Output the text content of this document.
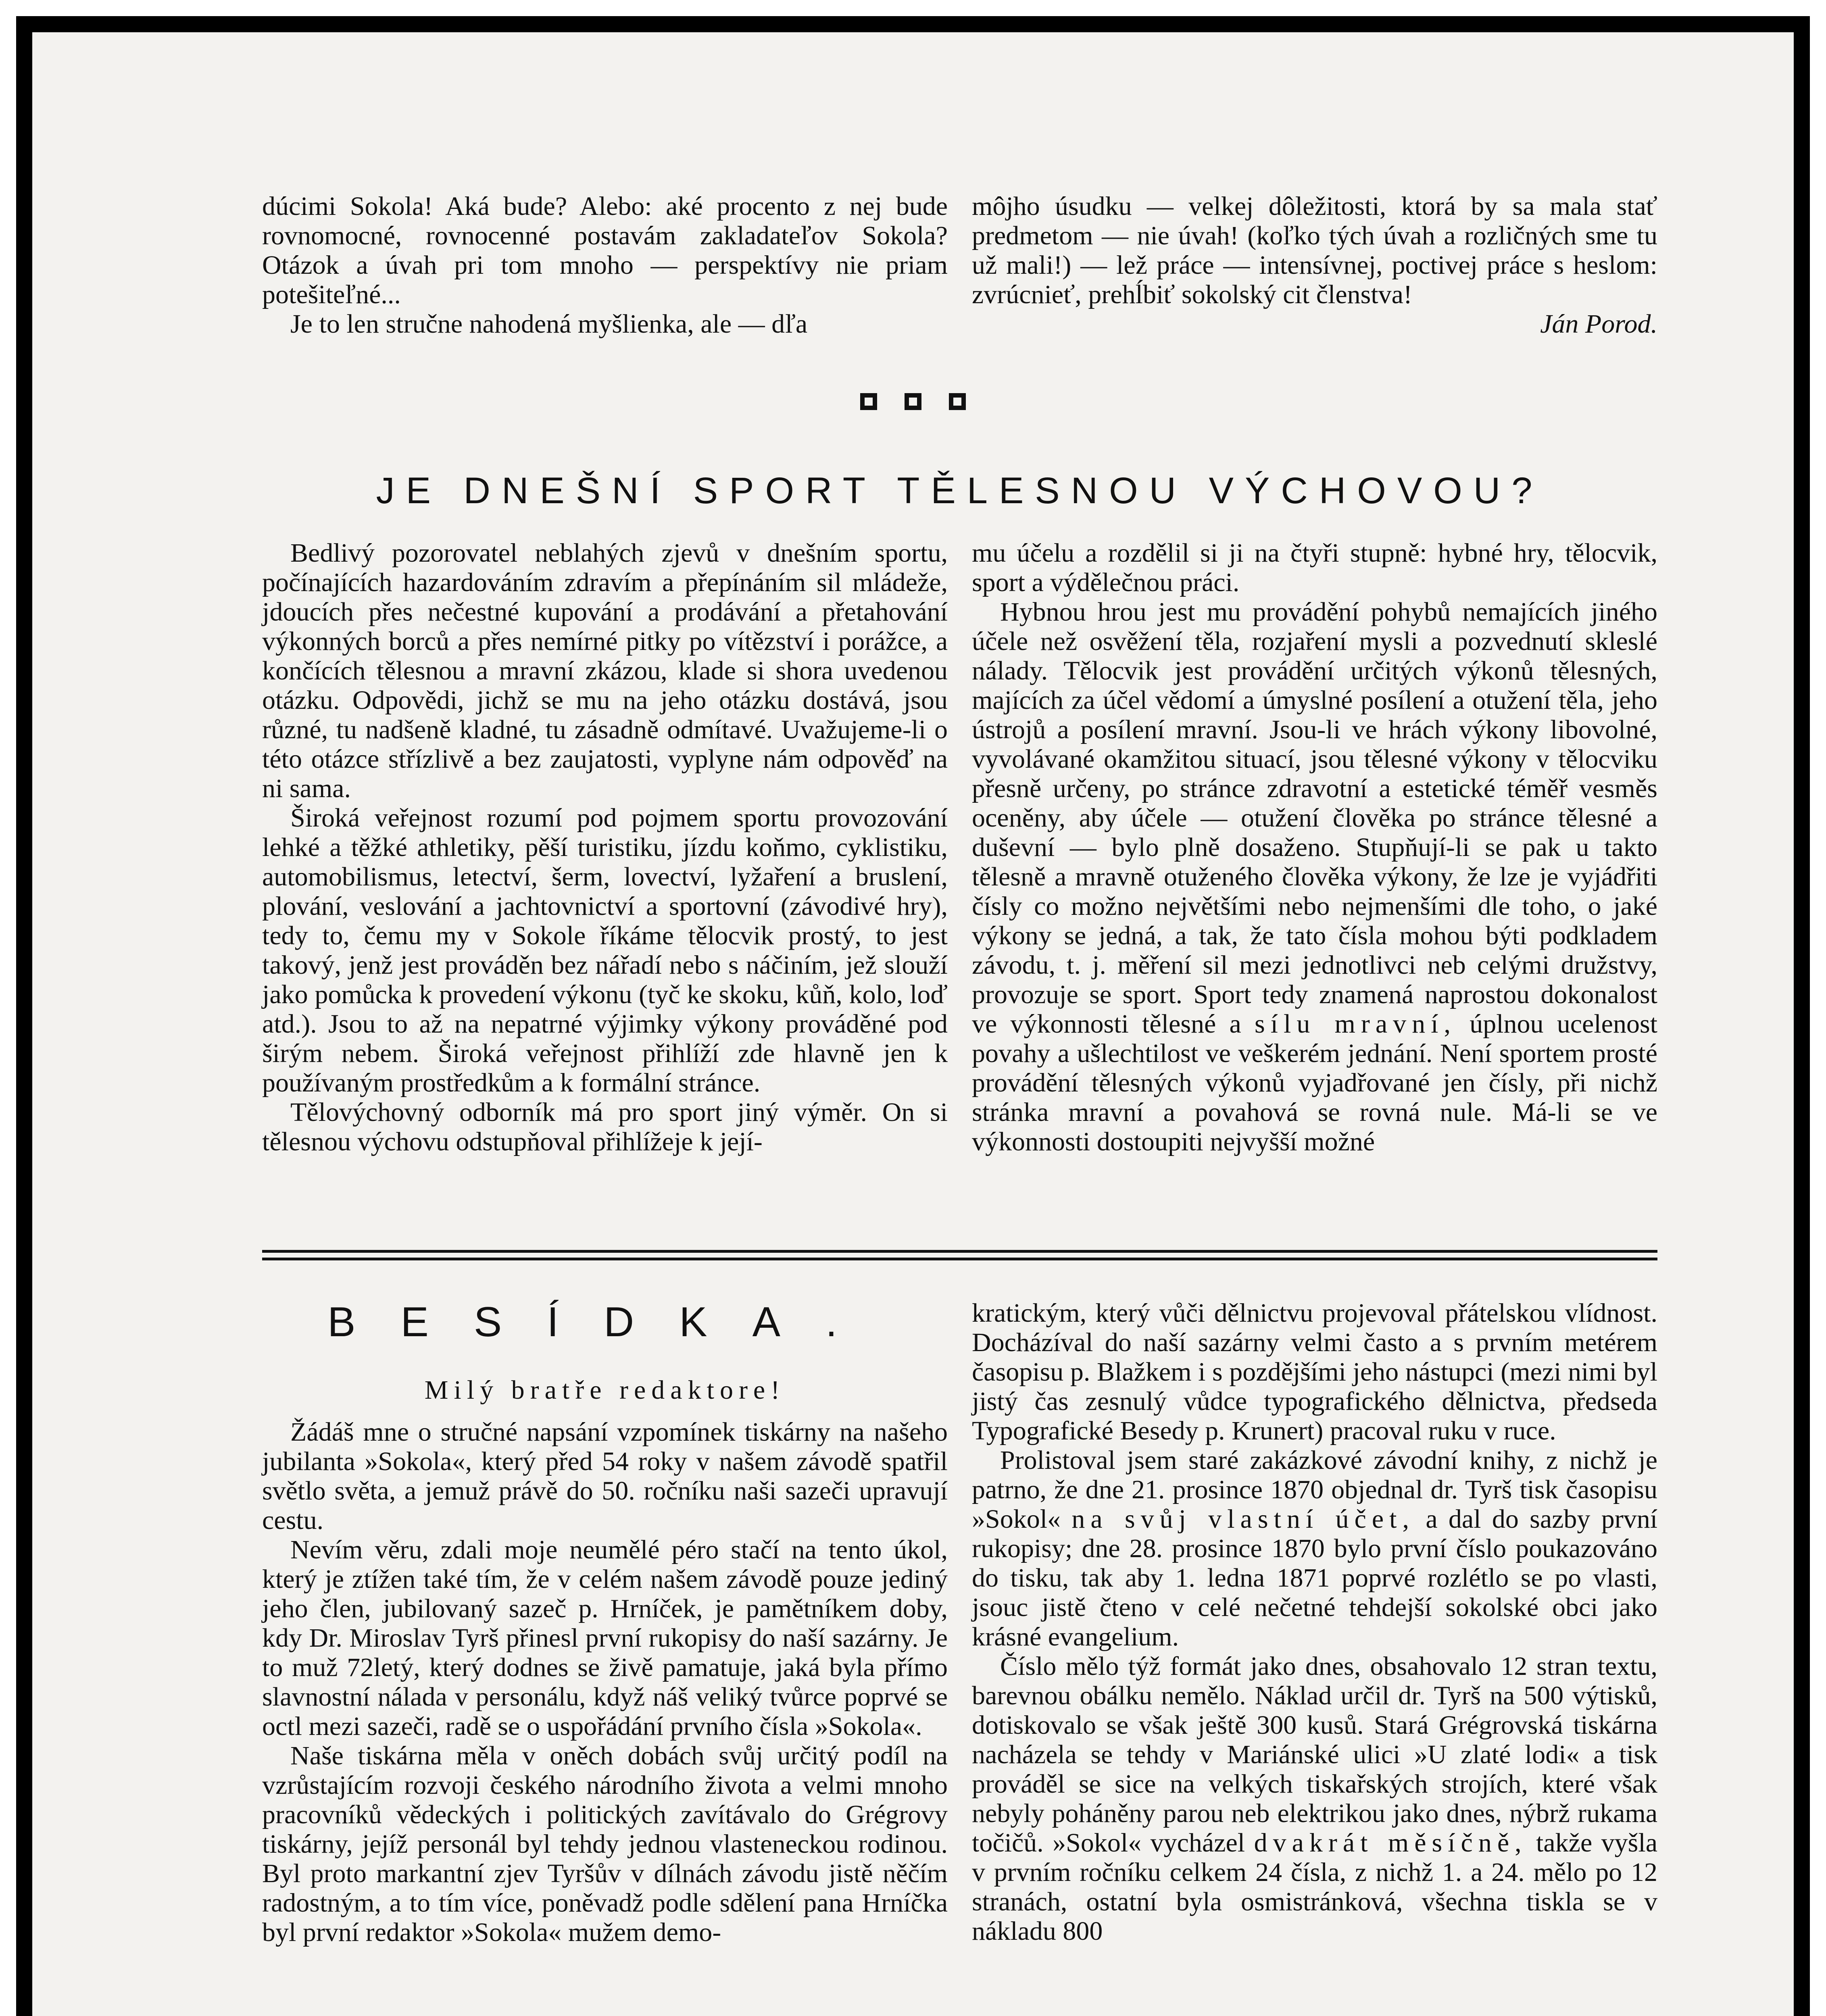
dúcimi Sokola! Aká bude? Alebo: aké procento z nej bude rovnomocné, rovnocenné postavám zakladateľov Sokola? Otázok a úvah pri tom mnoho — perspektívy nie priam potešiteľné...

Je to len stručne nahodená myšlienka, ale — dľa

môjho úsudku — velkej dôležitosti, ktorá by sa mala stať predmetom — nie úvah! (koľko tých úvah a rozličných sme tu už mali!) — lež práce — intensívnej, poctivej práce s heslom: zvrúcnieť, prehĺbiť sokolský cit členstva!

Ján Porod.
JE DNEŠNÍ SPORT TĚLESNOU VÝCHOVOU?

Bedlivý pozorovatel neblahých zjevů v dnešním sportu, počínajících hazardováním zdravím a přepínáním sil mládeže, jdoucích přes nečestné kupování a prodávání a přetahování výkonných borců a přes nemírné pitky po vítězství i porážce, a končících tělesnou a mravní zkázou, klade si shora uvedenou otázku. Odpovědi, jichž se mu na jeho otázku dostává, jsou různé, tu nadšeně kladné, tu zásadně odmítavé. Uvažujeme-li o této otázce střízlivě a bez zaujatosti, vyplyne nám odpověď na ni sama.

Široká veřejnost rozumí pod pojmem sportu provozování lehké a těžké athletiky, pěší turistiku, jízdu koňmo, cyklistiku, automobilismus, letectví, šerm, lovectví, lyžaření a bruslení, plování, veslování a jachtovnictví a sportovní (závodivé hry), tedy to, čemu my v Sokole říkáme tělocvik prostý, to jest takový, jenž jest prováděn bez nářadí nebo s náčiním, jež slouží jako pomůcka k provedení výkonu (tyč ke skoku, kůň, kolo, loď atd.). Jsou to až na nepatrné výjimky výkony prováděné pod širým nebem. Široká veřejnost přihlíží zde hlavně jen k používaným prostředkům a k formální stránce.

Tělovýchovný odborník má pro sport jiný výměr. On si tělesnou výchovu odstupňoval přihlížeje k její-

mu účelu a rozdělil si ji na čtyři stupně: hybné hry, tělocvik, sport a výdělečnou práci.

Hybnou hrou jest mu provádění pohybů nemajících jiného účele než osvěžení těla, rozjaření mysli a pozvednutí skleslé nálady. Tělocvik jest provádění určitých výkonů tělesných, majících za účel vědomí a úmyslné posílení a otužení těla, jeho ústrojů a posílení mravní. Jsou-li ve hrách výkony libovolné, vyvolávané okamžitou situací, jsou tělesné výkony v tělocviku přesně určeny, po stránce zdravotní a estetické téměř vesměs oceněny, aby účele — otužení člověka po stránce tělesné a duševní — bylo plně dosaženo. Stupňují-li se pak u takto tělesně a mravně otuženého člověka výkony, že lze je vyjádřiti čísly co možno největšími nebo nejmenšími dle toho, o jaké výkony se jedná, a tak, že tato čísla mohou býti podkladem závodu, t. j. měření sil mezi jednotlivci neb celými družstvy, provozuje se sport. Sport tedy znamená naprostou dokonalost ve výkonnosti tělesné a sílu mravní, úplnou ucelenost povahy a ušlechtilost ve veškerém jednání. Není sportem prosté provádění tělesných výkonů vyjadřované jen čísly, při nichž stránka mravní a povahová se rovná nule. Má-li se ve výkonnosti dostoupiti nejvyšší možné

BESÍDKA.
Milý bratře redaktore!

Žádáš mne o stručné napsání vzpomínek tiskárny na našeho jubilanta »Sokola«, který před 54 roky v našem závodě spatřil světlo světa, a jemuž právě do 50. ročníku naši sazeči upravují cestu.

Nevím věru, zdali moje neumělé péro stačí na tento úkol, který je ztížen také tím, že v celém našem závodě pouze jediný jeho člen, jubilovaný sazeč p. Hrníček, je pamětníkem doby, kdy Dr. Miroslav Tyrš přinesl první rukopisy do naší sazárny. Je to muž 72letý, který dodnes se živě pamatuje, jaká byla přímo slavnostní nálada v personálu, když náš veliký tvůrce poprvé se octl mezi sazeči, radě se o uspořádání prvního čísla »Sokola«.

Naše tiskárna měla v oněch dobách svůj určitý podíl na vzrůstajícím rozvoji českého národního života a velmi mnoho pracovníků vědeckých i politických zavítávalo do Grégrovy tiskárny, jejíž personál byl tehdy jednou vlasteneckou rodinou. Byl proto markantní zjev Tyršův v dílnách závodu jistě něčím radostným, a to tím více, poněvadž podle sdělení pana Hrníčka byl první redaktor »Sokola« mužem demo-

kratickým, který vůči dělnictvu projevoval přátelskou vlídnost. Docházíval do naší sazárny velmi často a s prvním metérem časopisu p. Blažkem i s pozdějšími jeho nástupci (mezi nimi byl jistý čas zesnulý vůdce typografického dělnictva, předseda Typografické Besedy p. Krunert) pracoval ruku v ruce.

Prolistoval jsem staré zakázkové závodní knihy, z nichž je patrno, že dne 21. prosince 1870 objednal dr. Tyrš tisk časopisu »Sokol« na svůj vlastní účet, a dal do sazby první rukopisy; dne 28. prosince 1870 bylo první číslo poukazováno do tisku, tak aby 1. ledna 1871 poprvé rozlétlo se po vlasti, jsouc jistě čteno v celé nečetné tehdejší sokolské obci jako krásné evangelium.

Číslo mělo týž formát jako dnes, obsahovalo 12 stran textu, barevnou obálku nemělo. Náklad určil dr. Tyrš na 500 výtisků, dotiskovalo se však ještě 300 kusů. Stará Grégrovská tiskárna nacházela se tehdy v Mariánské ulici »U zlaté lodi« a tisk prováděl se sice na velkých tiskařských strojích, které však nebyly poháněny parou neb elektrikou jako dnes, nýbrž rukama točičů. »Sokol« vycházel dvakrát měsíčně, takže vyšla v prvním ročníku celkem 24 čísla, z nichž 1. a 24. mělo po 12 stranách, ostatní byla osmistránková, všechna tiskla se v nákladu 800
